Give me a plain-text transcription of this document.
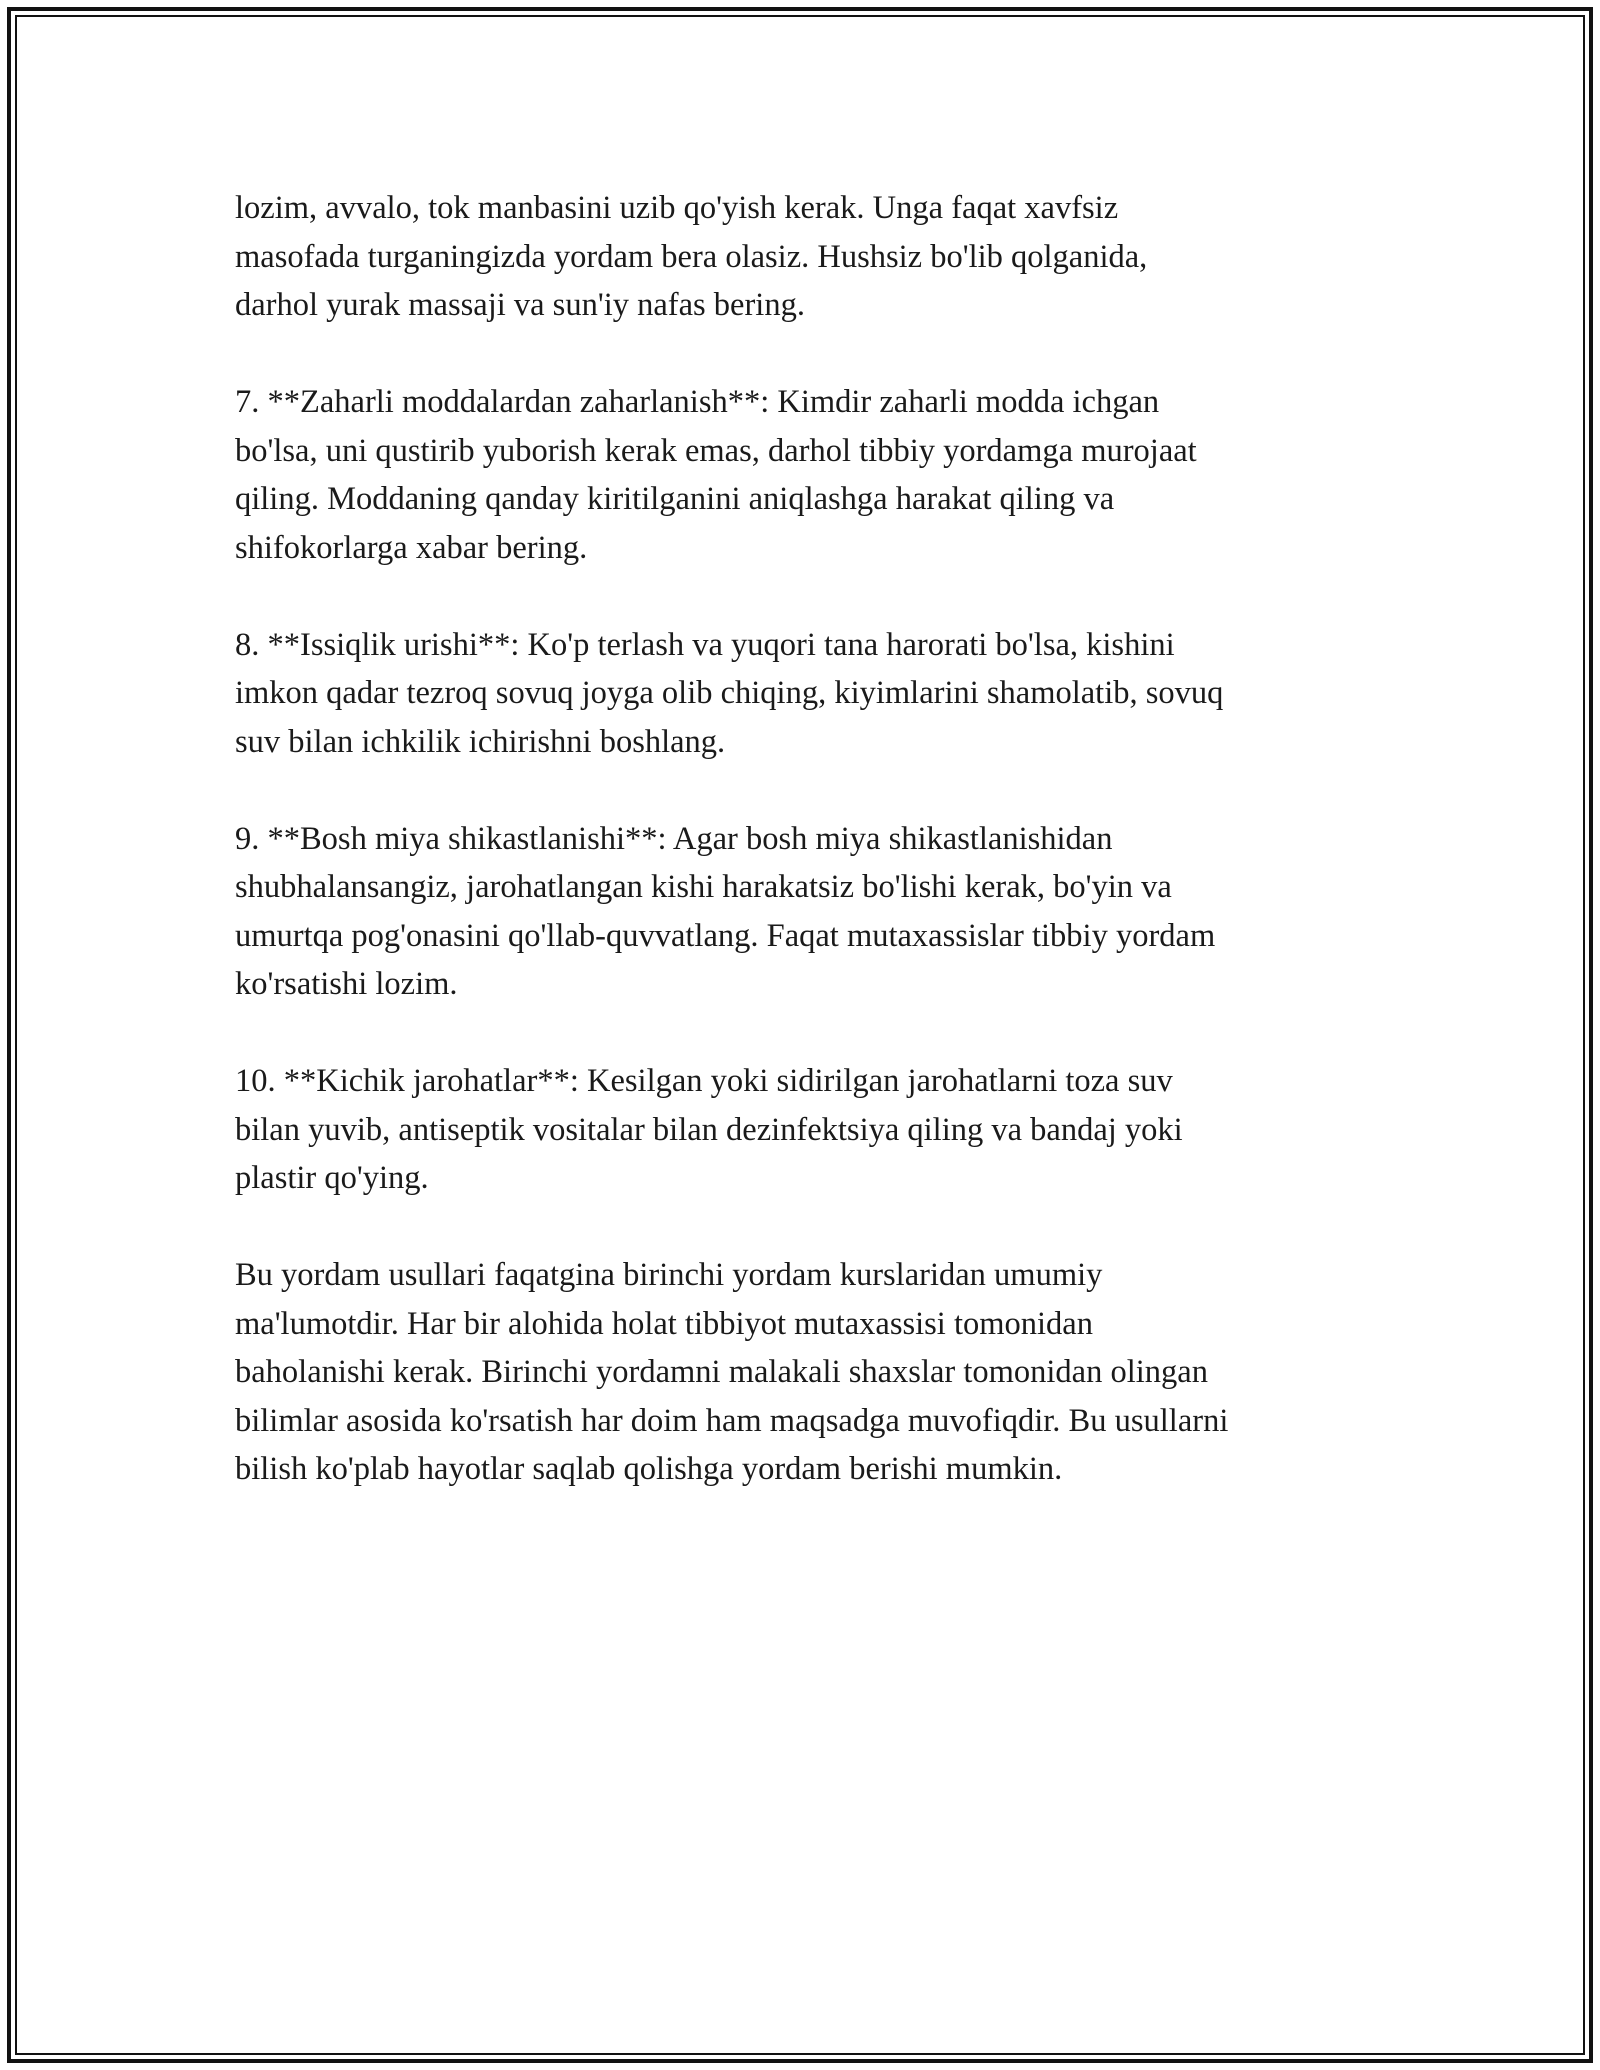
lozim, avvalo, tok manbasini uzib qo'yish kerak. Unga faqat xavfsiz
masofada turganingizda yordam bera olasiz. Hushsiz bo'lib qolganida,
darhol yurak massaji va sun'iy nafas bering.

7. **Zaharli moddalardan zaharlanish**: Kimdir zaharli modda ichgan
bo'lsa, uni qustirib yuborish kerak emas, darhol tibbiy yordamga murojaat
qiling. Moddaning qanday kiritilganini aniqlashga harakat qiling va
shifokorlarga xabar bering.

8. **Issiqlik urishi**: Ko'p terlash va yuqori tana harorati bo'lsa, kishini
imkon qadar tezroq sovuq joyga olib chiqing, kiyimlarini shamolatib, sovuq
suv bilan ichkilik ichirishni boshlang.

9. **Bosh miya shikastlanishi**: Agar bosh miya shikastlanishidan
shubhalansangiz, jarohatlangan kishi harakatsiz bo'lishi kerak, bo'yin va
umurtqa pog'onasini qo'llab-quvvatlang. Faqat mutaxassislar tibbiy yordam
ko'rsatishi lozim.

10. **Kichik jarohatlar**: Kesilgan yoki sidirilgan jarohatlarni toza suv
bilan yuvib, antiseptik vositalar bilan dezinfektsiya qiling va bandaj yoki
plastir qo'ying.

Bu yordam usullari faqatgina birinchi yordam kurslaridan umumiy
ma'lumotdir. Har bir alohida holat tibbiyot mutaxassisi tomonidan
baholanishi kerak. Birinchi yordamni malakali shaxslar tomonidan olingan
bilimlar asosida ko'rsatish har doim ham maqsadga muvofiqdir. Bu usullarni
bilish ko'plab hayotlar saqlab qolishga yordam berishi mumkin.
